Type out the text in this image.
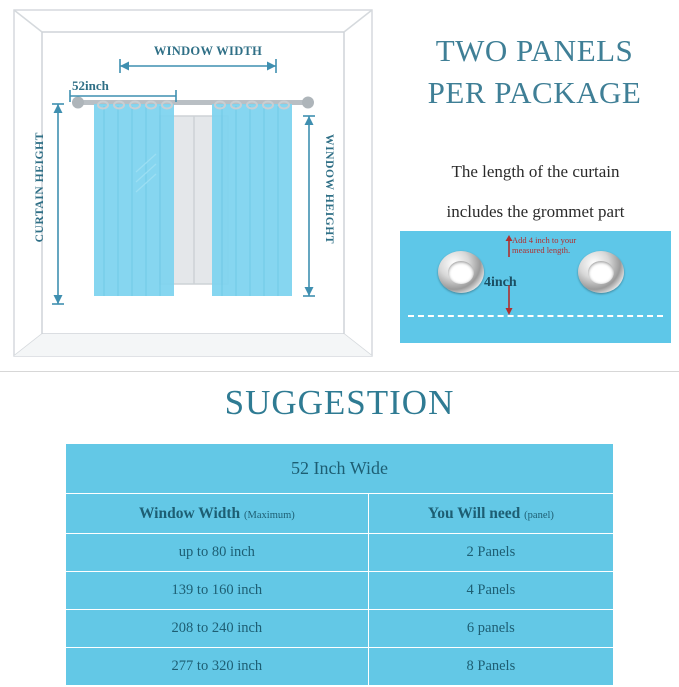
WINDOW WIDTH
52inch
CURTAIN HEIGHT	WINDOW HEIGHT
TWO PANELS
PER PACKAGE
The length of the curtain
includes the grommet part
Add 4 inch to your
measured length.
4inch
SUGGESTION
52 Inch Wide	
Window Width (Maximum)	You Will need (panel)
up to 80 inch	2 Panels
139 to 160 inch	4 Panels
208 to 240 inch	6 panels
277 to 320 inch	8 Panels
